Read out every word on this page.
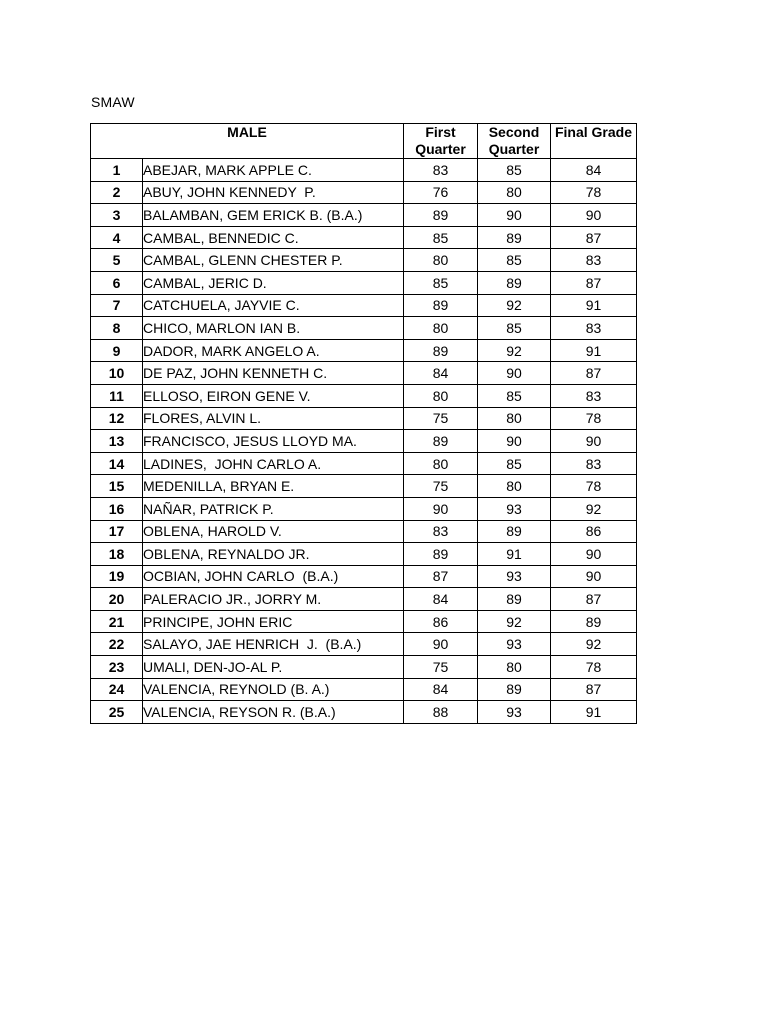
SMAW
MALE		First Quarter	Second Quarter	Final Grade
1	ABEJAR, MARK APPLE C.	83	85	84
2	ABUY, JOHN KENNEDY  P.	76	80	78
3	BALAMBAN, GEM ERICK B. (B.A.)	89	90	90
4	CAMBAL, BENNEDIC C.	85	89	87
5	CAMBAL, GLENN CHESTER P.	80	85	83
6	CAMBAL, JERIC D.	85	89	87
7	CATCHUELA, JAYVIE C.	89	92	91
8	CHICO, MARLON IAN B.	80	85	83
9	DADOR, MARK ANGELO A.	89	92	91
10	DE PAZ, JOHN KENNETH C.	84	90	87
11	ELLOSO, EIRON GENE V.	80	85	83
12	FLORES, ALVIN L.	75	80	78
13	FRANCISCO, JESUS LLOYD MA.	89	90	90
14	LADINES,  JOHN CARLO A.	80	85	83
15	MEDENILLA, BRYAN E.	75	80	78
16	NAÑAR, PATRICK P.	90	93	92
17	OBLENA, HAROLD V.	83	89	86
18	OBLENA, REYNALDO JR.	89	91	90
19	OCBIAN, JOHN CARLO  (B.A.)	87	93	90
20	PALERACIO JR., JORRY M.	84	89	87
21	PRINCIPE, JOHN ERIC	86	92	89
22	SALAYO, JAE HENRICH  J.  (B.A.)	90	93	92
23	UMALI, DEN-JO-AL P.	75	80	78
24	VALENCIA, REYNOLD (B. A.)	84	89	87
25	VALENCIA, REYSON R. (B.A.)	88	93	91
